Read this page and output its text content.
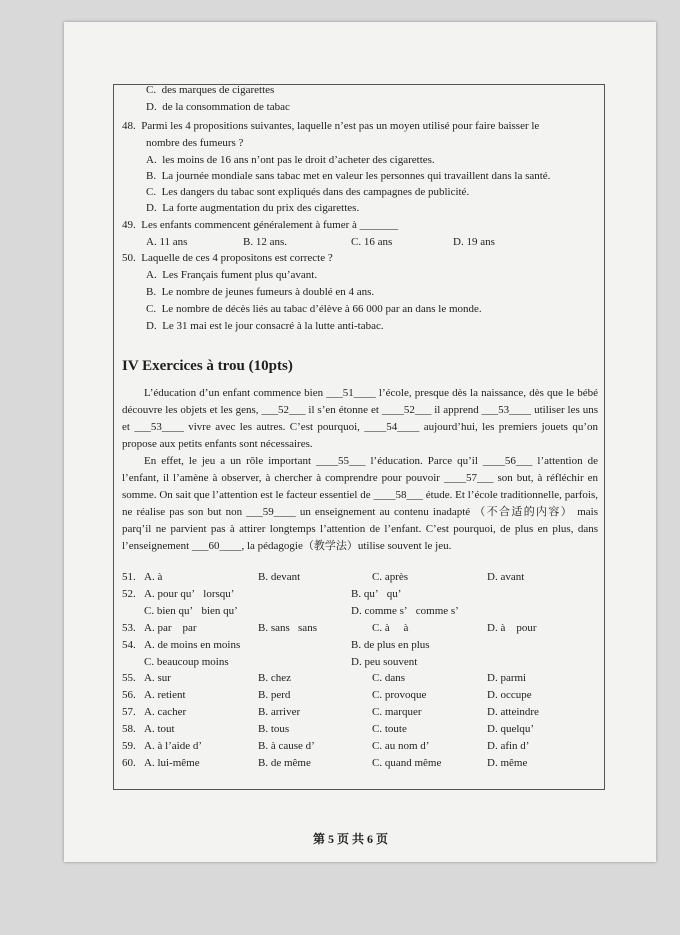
C.  des marques de cigarettes
D.  de la consommation de tabac
48.  Parmi les 4 propositions suivantes, laquelle n’est pas un moyen utilisé pour faire baisser le
nombre des fumeurs ?
A.  les moins de 16 ans n’ont pas le droit d’acheter des cigarettes.
B.  La journée mondiale sans tabac met en valeur les personnes qui travaillent dans la santé.
C.  Les dangers du tabac sont expliqués dans des campagnes de publicité.
D.  La forte augmentation du prix des cigarettes.
49.  Les enfants commencent généralement à fumer à _______
A. 11 ans	B. 12 ans.	C. 16 ans	D. 19 ans
50.  Laquelle de ces 4 propositons est correcte ?
A.  Les Français fument plus qu’avant.
B.  Le nombre de jeunes fumeurs à doublé en 4 ans.
C.  Le nombre de décès liés au tabac d’élève à 66 000 par an dans le monde.
D.  Le 31 mai est le jour consacré à la lutte anti-tabac.
IV Exercices à trou (10pts)

L’éducation d’un enfant commence bien ___51____ l’école, presque dès la naissance, dès que le bébé découvre les objets et les gens, ___52___ il s’en étonne et ____52___ il apprend ___53____ utiliser les uns et ___53____ vivre avec les autres. C’est pourquoi, ____54____ aujourd’hui, les premiers jouets qu’on propose aux petits enfants sont nécessaires.

En effet, le jeu a un rôle important ____55___ l’éducation. Parce qu’il ____56___ l’attention de l’enfant, il l’amène à observer, à chercher à comprendre pour pouvoir ____57___ son but, à réfléchir en somme. On sait que l’attention est le facteur essentiel de ____58___ étude. Et l’école traditionnelle, parfois, ne réalise pas son but non ___59____ un enseignement au contenu inadapté （不合适的内容） mais parq’il ne parvient pas à attirer longtemps l’attention de l’enfant. C’est pourquoi, de plus en plus, dans l’enseignement ___60____, la pédagogie（教学法）utilise souvent le jeu.

51. A. à	B. devant	C. après	D. avant
52. A. pour qu’   lorsqu’	B. qu’   qu’
C. bien qu’   bien qu’	D. comme s’   comme s’
53. A. par    par	B. sans   sans	C. à     à	D. à    pour
54. A. de moins en moins	B. de plus en plus
C. beaucoup moins	D. peu souvent
55. A. sur	B. chez	C. dans	D. parmi
56. A. retient	B. perd	C. provoque	D. occupe
57. A. cacher	B. arriver	C. marquer	D. atteindre
58. A. tout	B. tous	C. toute	D. quelqu’
59. A. à l’aide d’	B. à cause d’	C. au nom d’	D. afin d’
60. A. lui-même	B. de même	C. quand même	D. même
第 5 页 共 6 页
